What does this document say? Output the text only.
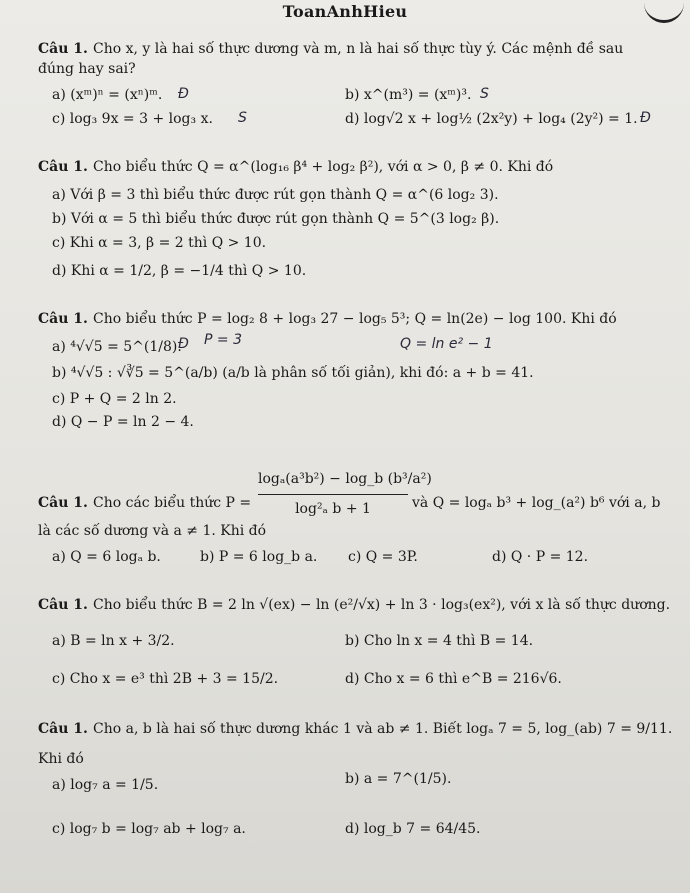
ToanAnhHieu
Câu 1. Cho x, y là hai số thực dương và m, n là hai số thực tùy ý. Các mệnh đề sau
đúng hay sai?
a) (xᵐ)ⁿ = (xⁿ)ᵐ. Đ	b) x^(m³) = (xᵐ)³. S
c) log₃ 9x = 3 + log₃ x. S	d) log√2 x + log½ (2x²y) + log₄ (2y²) = 1. Đ
Câu 1. Cho biểu thức Q = α^(log₁₆ β⁴ + log₂ β²), với α > 0, β ≠ 0. Khi đó
a) Với β = 3 thì biểu thức được rút gọn thành Q = α^(6 log₂ 3).
b) Với α = 5 thì biểu thức được rút gọn thành Q = 5^(3 log₂ β).
c) Khi α = 3, β = 2 thì Q > 10.
d) Khi α = 1/2, β = −1/4 thì Q > 10.
Câu 1. Cho biểu thức P = log₂ 8 + log₃ 27 − log₅ 5³; Q = ln(2e) − log 100. Khi đó
a) ⁴√√5 = 5^(1/8).
Đ P = 3	Q = ln e² − 1
b) ⁴√√5 : √∛5 = 5^(a/b) (a/b là phân số tối giản), khi đó: a + b = 41.
c) P + Q = 2 ln 2.
d) Q − P = ln 2 − 4.
Câu 1. Cho các biểu thức P =
logₐ(a³b²) − log_b (b³/a²)
log²ₐ b + 1	và Q = logₐ b³ + log_(a²) b⁶ với a, b
là các số dương và a ≠ 1. Khi đó
a) Q = 6 logₐ b.	b) P = 6 log_b a. c) Q = 3P.	d) Q · P = 12.
Câu 1. Cho biểu thức B = 2 ln √(ex) − ln (e²/√x) + ln 3 · log₃(ex²), với x là số thực dương.
a) B = ln x + 3/2.	b) Cho ln x = 4 thì B = 14.
c) Cho x = e³ thì 2B + 3 = 15/2.	d) Cho x = 6 thì e^B = 216√6.
Câu 1. Cho a, b là hai số thực dương khác 1 và ab ≠ 1. Biết logₐ 7 = 5, log_(ab) 7 = 9/11.
Khi đó
a) log₇ a = 1/5.	b) a = 7^(1/5).
c) log₇ b = log₇ ab + log₇ a.	d) log_b 7 = 64/45.
